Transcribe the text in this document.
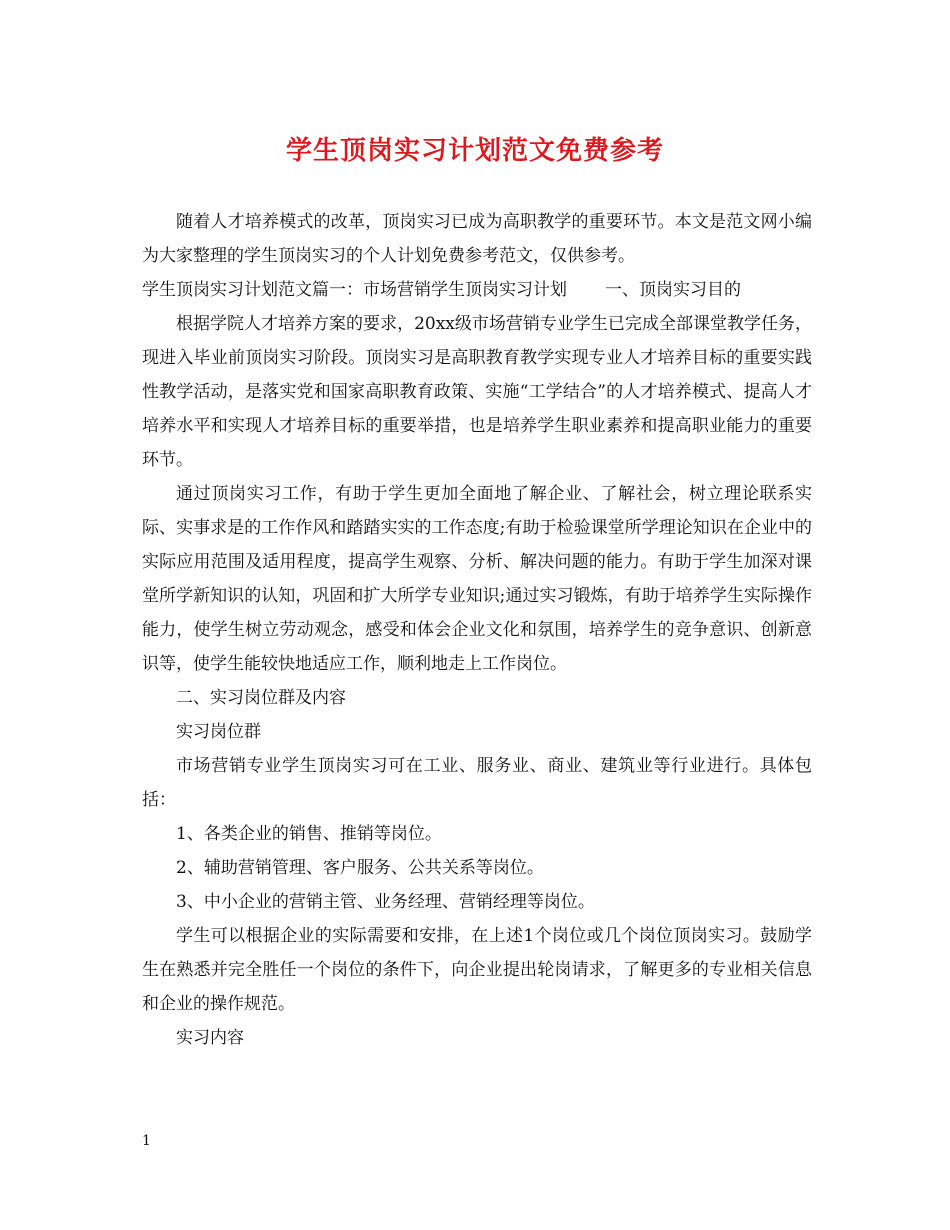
学生顶岗实习计划范文免费参考

随着人才培养模式的改革，顶岗实习已成为高职教学的重要环节。本文是范文网小编为大家整理的学生顶岗实习的个人计划免费参考范文，仅供参考。

学生顶岗实习计划范文篇一：市场营销学生顶岗实习计划 一、顶岗实习目的

根据学院人才培养方案的要求，20xx级市场营销专业学生已完成全部课堂教学任务，现进入毕业前顶岗实习阶段。顶岗实习是高职教育教学实现专业人才培养目标的重要实践性教学活动，是落实党和国家高职教育政策、实施“工学结合”的人才培养模式、提高人才培养水平和实现人才培养目标的重要举措，也是培养学生职业素养和提高职业能力的重要环节。

通过顶岗实习工作，有助于学生更加全面地了解企业、了解社会，树立理论联系实际、实事求是的工作作风和踏踏实实的工作态度;有助于检验课堂所学理论知识在企业中的实际应用范围及适用程度，提高学生观察、分析、解决问题的能力。有助于学生加深对课堂所学新知识的认知，巩固和扩大所学专业知识;通过实习锻炼，有助于培养学生实际操作能力，使学生树立劳动观念，感受和体会企业文化和氛围，培养学生的竞争意识、创新意识等，使学生能较快地适应工作，顺利地走上工作岗位。

二、实习岗位群及内容

实习岗位群

市场营销专业学生顶岗实习可在工业、服务业、商业、建筑业等行业进行。具体包括：

1、各类企业的销售、推销等岗位。

2、辅助营销管理、客户服务、公共关系等岗位。

3、中小企业的营销主管、业务经理、营销经理等岗位。

学生可以根据企业的实际需要和安排，在上述1个岗位或几个岗位顶岗实习。鼓励学生在熟悉并完全胜任一个岗位的条件下，向企业提出轮岗请求，了解更多的专业相关信息和企业的操作规范。

实习内容

1
